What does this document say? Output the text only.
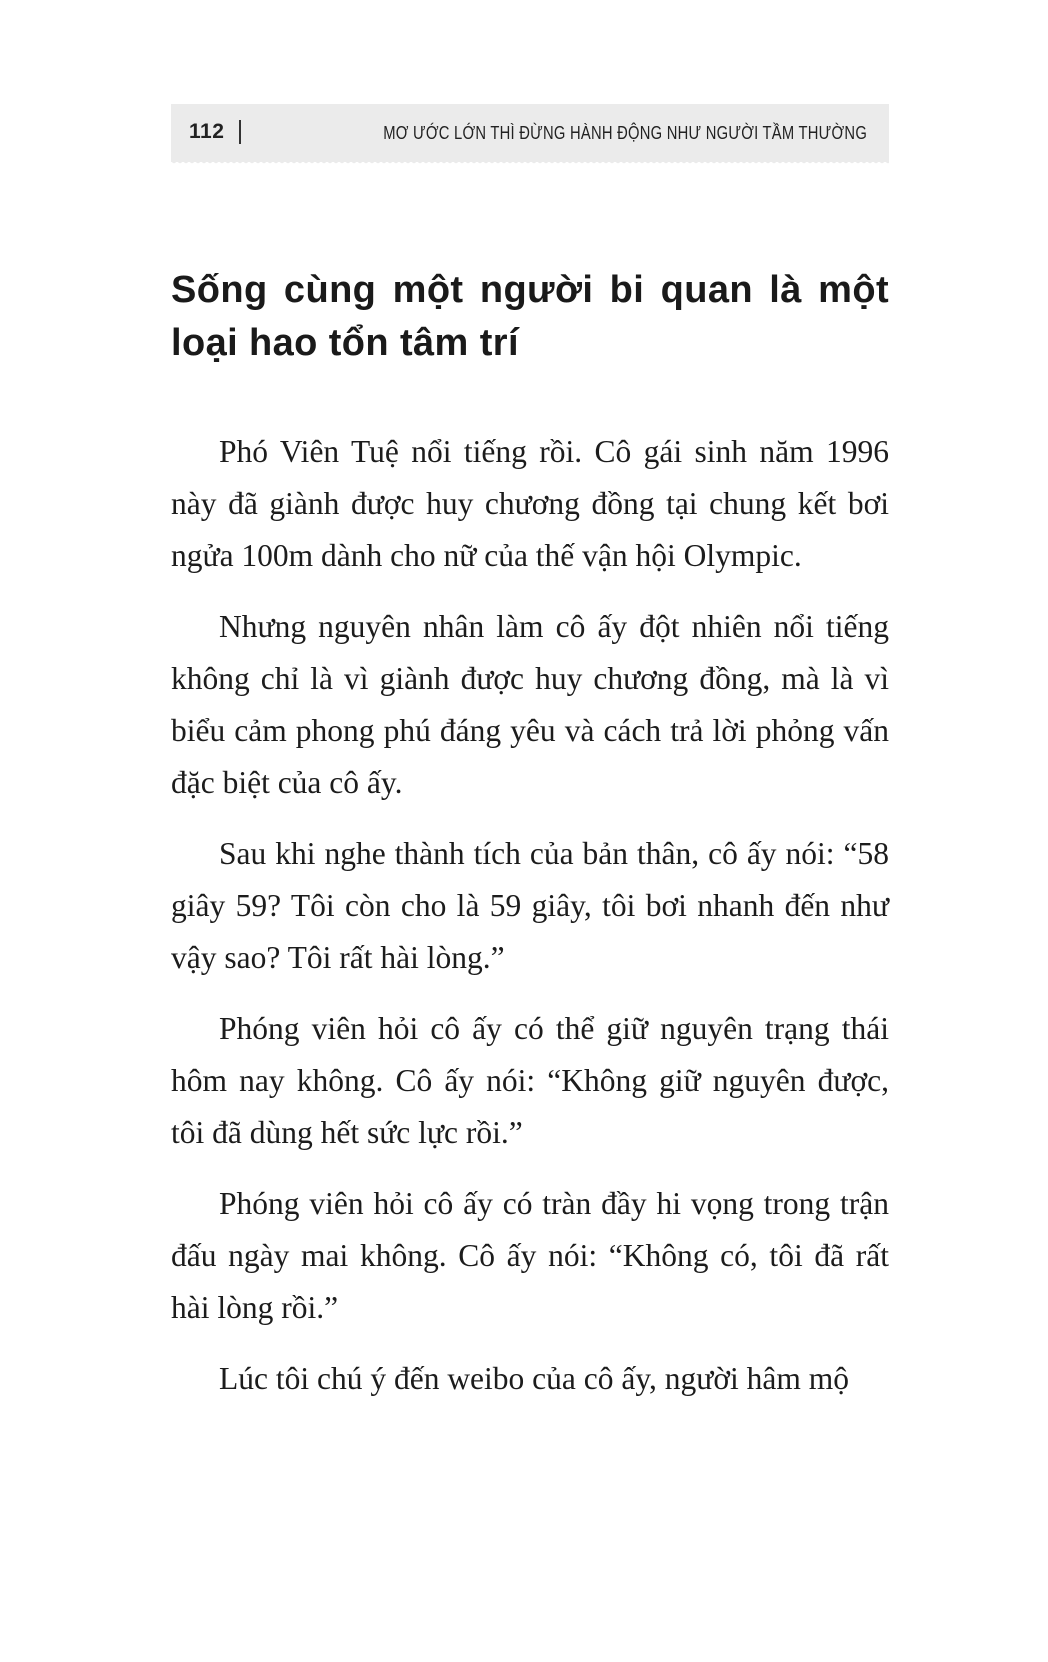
112	MƠ ƯỚC LỚN THÌ ĐỪNG HÀNH ĐỘNG NHƯ NGƯỜI TẦM THƯỜNG
Sống cùng một người bi quan là một loại hao tổn tâm trí

Phó Viên Tuệ nổi tiếng rồi. Cô gái sinh năm 1996 này đã giành được huy chương đồng tại chung kết bơi ngửa 100m dành cho nữ của thế vận hội Olympic.

Nhưng nguyên nhân làm cô ấy đột nhiên nổi tiếng không chỉ là vì giành được huy chương đồng, mà là vì biểu cảm phong phú đáng yêu và cách trả lời phỏng vấn đặc biệt của cô ấy.

Sau khi nghe thành tích của bản thân, cô ấy nói: “58 giây 59? Tôi còn cho là 59 giây, tôi bơi nhanh đến như vậy sao? Tôi rất hài lòng.”

Phóng viên hỏi cô ấy có thể giữ nguyên trạng thái hôm nay không. Cô ấy nói: “Không giữ nguyên được, tôi đã dùng hết sức lực rồi.”

Phóng viên hỏi cô ấy có tràn đầy hi vọng trong trận đấu ngày mai không. Cô ấy nói: “Không có, tôi đã rất hài lòng rồi.”

Lúc tôi chú ý đến weibo của cô ấy, người hâm mộ
